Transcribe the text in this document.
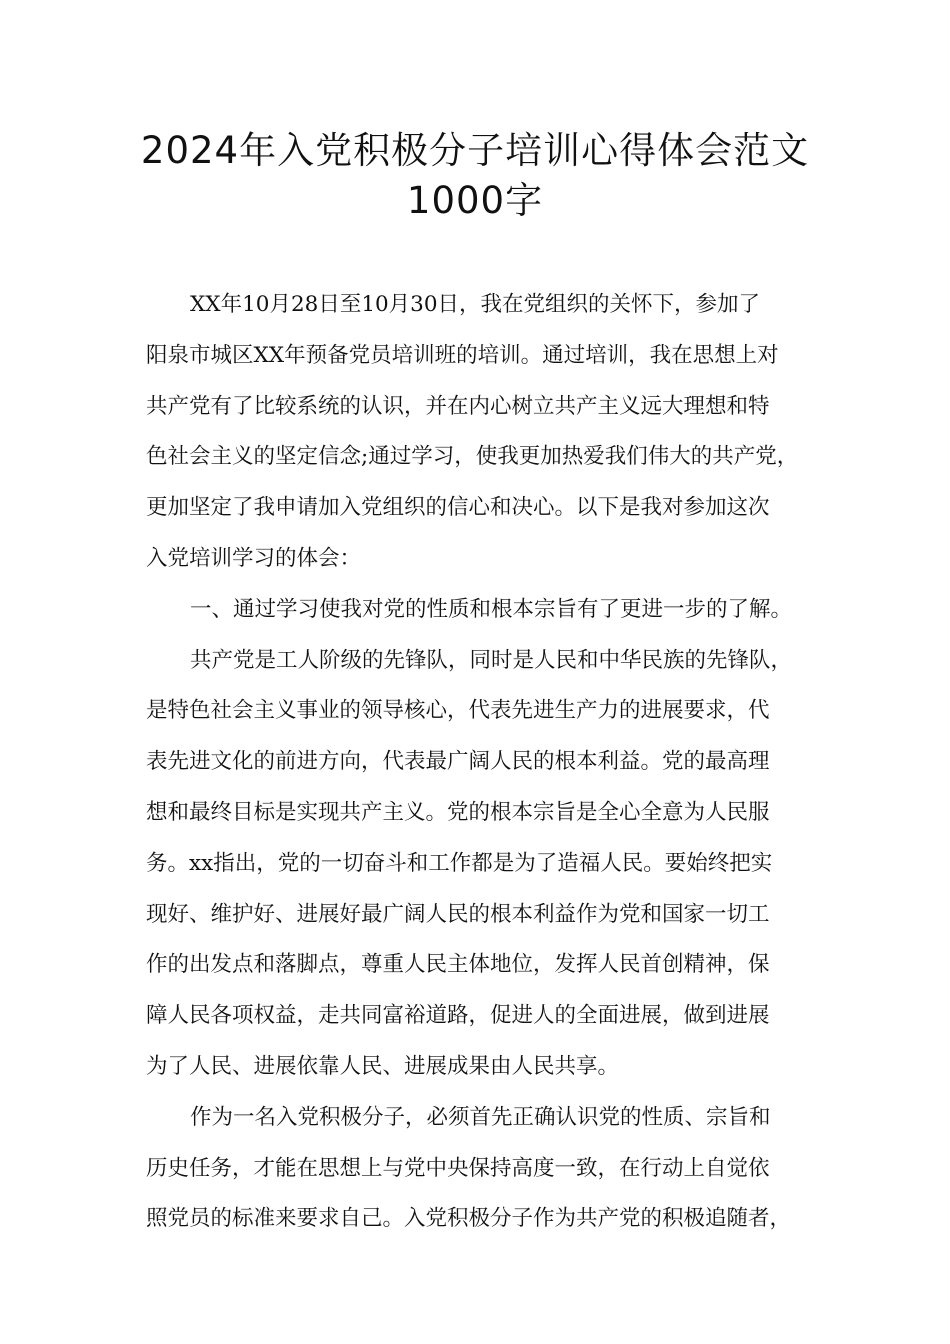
2024年入党积极分子培训心得体会范文
1000字
XX年10月28日至10月30日，我在党组织的关怀下，参加了
阳泉市城区XX年预备党员培训班的培训。通过培训，我在思想上对
共产党有了比较系统的认识，并在内心树立共产主义远大理想和特
色社会主义的坚定信念;通过学习，使我更加热爱我们伟大的共产党，
更加坚定了我申请加入党组织的信心和决心。以下是我对参加这次
入党培训学习的体会：
一、通过学习使我对党的性质和根本宗旨有了更进一步的了解。
共产党是工人阶级的先锋队，同时是人民和中华民族的先锋队，
是特色社会主义事业的领导核心，代表先进生产力的进展要求，代
表先进文化的前进方向，代表最广阔人民的根本利益。党的最高理
想和最终目标是实现共产主义。党的根本宗旨是全心全意为人民服
务。xx指出，党的一切奋斗和工作都是为了造福人民。要始终把实
现好、维护好、进展好最广阔人民的根本利益作为党和国家一切工
作的出发点和落脚点，尊重人民主体地位，发挥人民首创精神，保
障人民各项权益，走共同富裕道路，促进人的全面进展，做到进展
为了人民、进展依靠人民、进展成果由人民共享。
作为一名入党积极分子，必须首先正确认识党的性质、宗旨和
历史任务，才能在思想上与党中央保持高度一致，在行动上自觉依
照党员的标准来要求自己。入党积极分子作为共产党的积极追随者，
